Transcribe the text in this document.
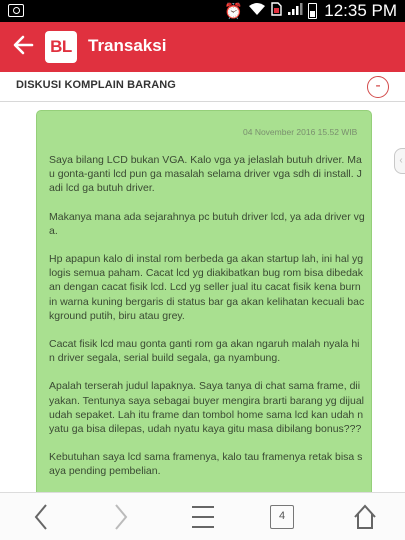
⏰	12:35 PM
BL Transaksi
DISKUSI KOMPLAIN BARANG	-
‹
04 November 2016 15.52 WIB

Saya bilang LCD bukan VGA. Kalo vga ya jelaslah butuh driver. Mau gonta-ganti lcd pun ga masalah selama driver vga sdh di install. Jadi lcd ga butuh driver.

Makanya mana ada sejarahnya pc butuh driver lcd, ya ada driver vga.

Hp apapun kalo di instal rom berbeda ga akan startup lah, ini hal yg logis semua paham. Cacat lcd yg diakibatkan bug rom bisa dibedakan dengan cacat fisik lcd. Lcd yg seller jual itu cacat fisik kena burn in warna kuning bergaris di status bar ga akan kelihatan kecuali background putih, biru atau grey.

Cacat fisik lcd mau gonta ganti rom ga akan ngaruh malah nyala hin driver segala, serial build segala, ga nyambung.

Apalah terserah judul lapaknya. Saya tanya di chat sama frame, diiyakan. Tentunya saya sebagai buyer mengira brarti barang yg dijual udah sepaket. Lah itu frame dan tombol home sama lcd kan udah nyatu ga bisa dilepas, udah nyatu kaya gitu masa dibilang bonus???

Kebutuhan saya lcd sama framenya, kalo tau framenya retak bisa saya pending pembelian.

4
